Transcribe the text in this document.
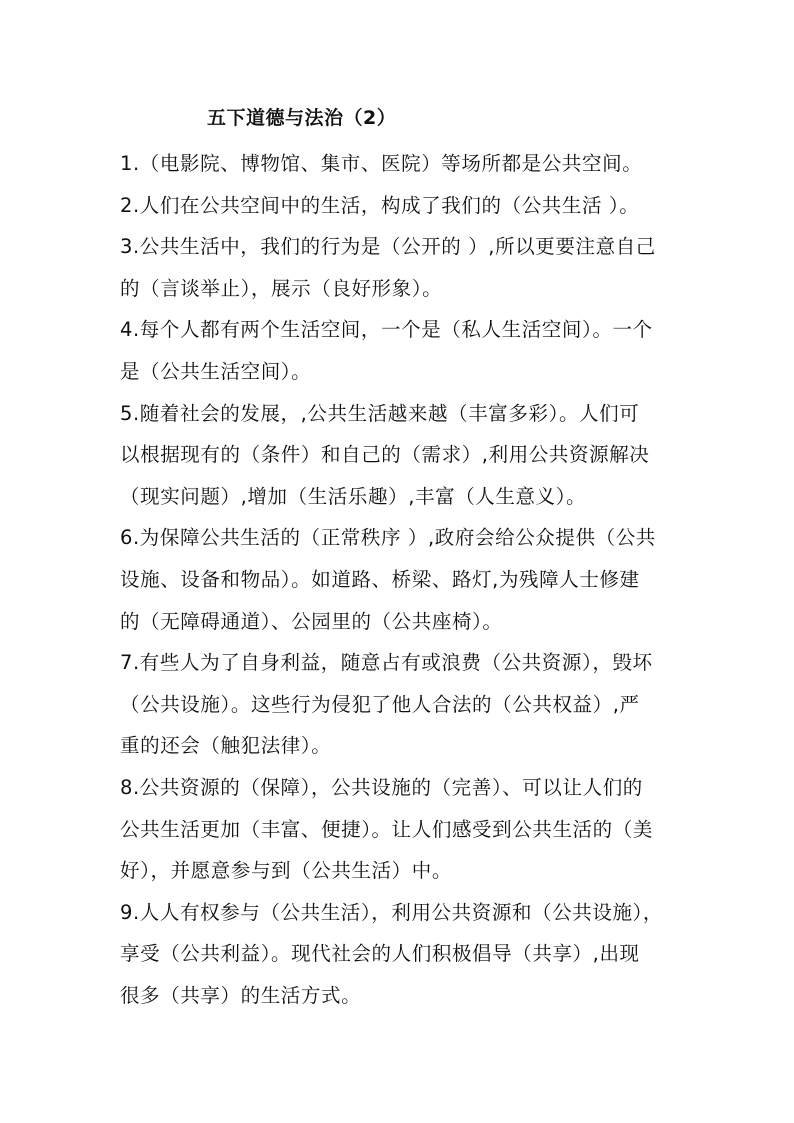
五下道德与法治（2）
1.（电影院、博物馆、集市、医院）等场所都是公共空间。
2.人们在公共空间中的生活，构成了我们的（公共生活 ）。
3.公共生活中，我们的行为是（公开的 ）,所以更要注意自己
的（言谈举止），展示（良好形象）。
4.每个人都有两个生活空间，一个是（私人生活空间）。一个
是（公共生活空间）。
5.随着社会的发展，,公共生活越来越（丰富多彩）。人们可
以根据现有的（条件）和自己的（需求）,利用公共资源解决
（现实问题）,增加（生活乐趣）,丰富（人生意义）。
6.为保障公共生活的（正常秩序 ）,政府会给公众提供（公共
设施、设备和物品）。如道路、桥梁、路灯,为残障人士修建
的（无障碍通道）、公园里的（公共座椅）。
7.有些人为了自身利益，随意占有或浪费（公共资源），毁坏
（公共设施）。这些行为侵犯了他人合法的（公共权益）,严
重的还会（触犯法律）。
8.公共资源的（保障），公共设施的（完善）、可以让人们的
公共生活更加（丰富、便捷）。让人们感受到公共生活的（美
好），并愿意参与到（公共生活）中。
9.人人有权参与（公共生活），利用公共资源和（公共设施），
享受（公共利益）。现代社会的人们积极倡导（共享）,出现
很多（共享）的生活方式。
